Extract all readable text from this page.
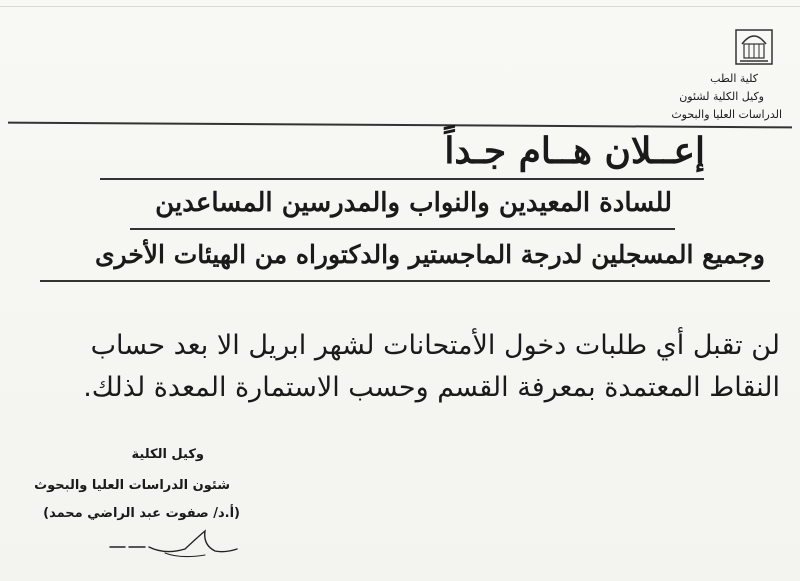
كلية الطب
وكيل الكلية لشئون
الدراسات العليا والبحوث
إعــلان هــام جـداً
للسادة المعيدين والنواب والمدرسين المساعدين
وجميع المسجلين لدرجة الماجستير والدكتوراه من الهيئات الأخرى
لن تقبل أي طلبات دخول الأمتحانات لشهر ابريل الا بعد حساب
النقاط المعتمدة بمعرفة القسم وحسب الاستمارة المعدة لذلك.
وكيل الكلية
شئون الدراسات العليا والبحوث
(أ.د/ صفوت عبد الراضي محمد)
